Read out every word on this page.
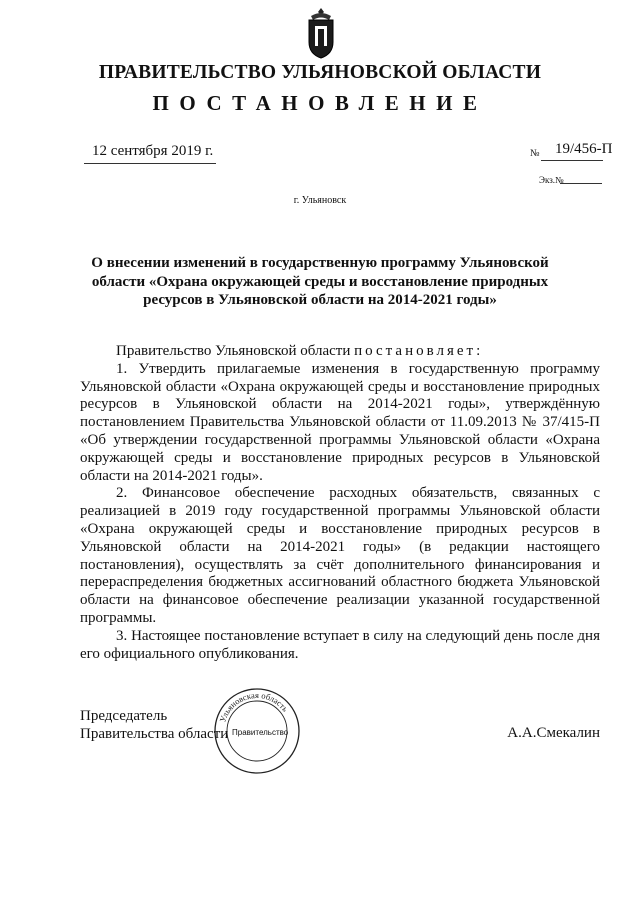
ПРАВИТЕЛЬСТВО УЛЬЯНОВСКОЙ ОБЛАСТИ
ПОСТАНОВЛЕНИЕ
12 сентября 2019 г.	№ 19/456-П
Экз.№
г. Ульяновск
О внесении изменений в государственную программу Ульяновской области «Охрана окружающей среды и восстановление природных ресурсов в Ульяновской области на 2014-2021 годы»

Правительство Ульяновской области постановляет:

1. Утвердить прилагаемые изменения в государственную программу Ульяновской области «Охрана окружающей среды и восстановление природных ресурсов в Ульяновской области на 2014-2021 годы», утверждённую постановлением Правительства Ульяновской области от 11.09.2013 № 37/415-П «Об утверждении государственной программы Ульяновской области «Охрана окружающей среды и восстановление природных ресурсов в Ульяновской области на 2014-2021 годы».

2. Финансовое обеспечение расходных обязательств, связанных с реализацией в 2019 году государственной программы Ульяновской области «Охрана окружающей среды и восстановление природных ресурсов в Ульяновской области на 2014-2021 годы» (в редакции настоящего постановления), осуществлять за счёт дополнительного финансирования и перераспределения бюджетных ассигнований областного бюджета Ульяновской области на финансовое обеспечение реализации указанной государственной программы.

3. Настоящее постановление вступает в силу на следующий день после дня его официального опубликования.

Председатель
Правительства области
Ульяновская область
Правительство	А.А.Смекалин
